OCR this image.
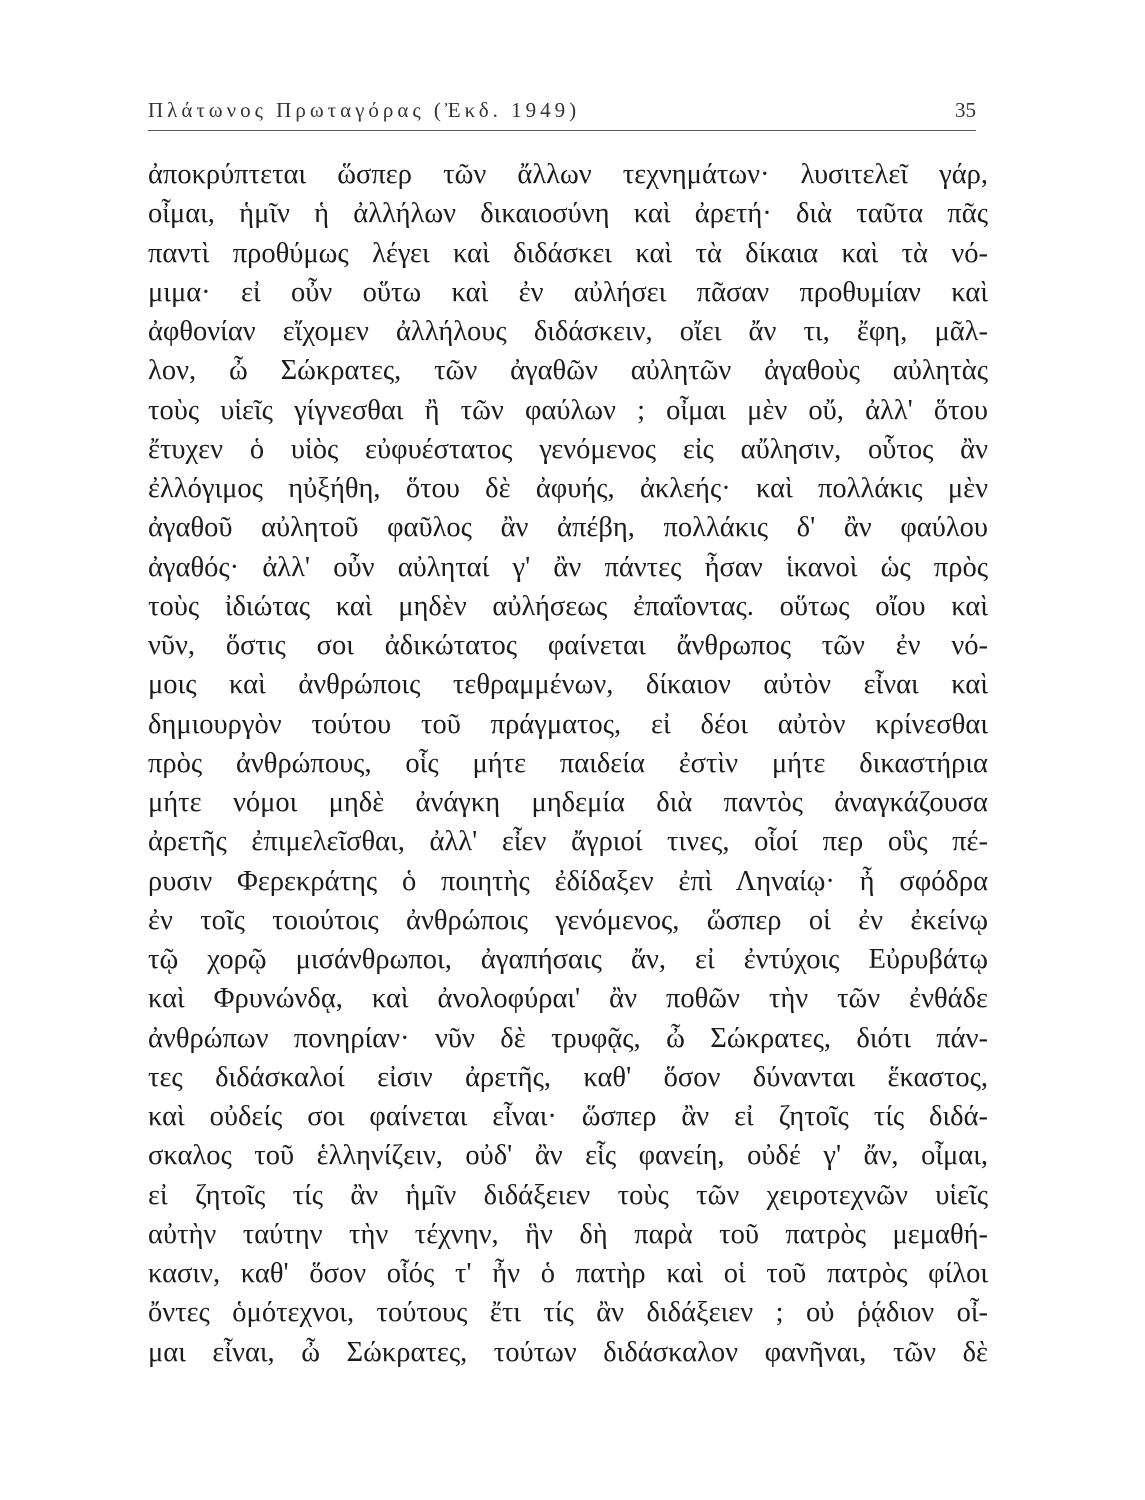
Πλάτωνος Πρωταγόρας (Ἐκδ. 1949)	35
ἀποκρύπτεται ὥσπερ τῶν ἄλλων τεχνημάτων· λυσιτελεῖ γάρ,
οἶμαι, ἡμῖν ἡ ἀλλήλων δικαιοσύνη καὶ ἀρετή· διὰ ταῦτα πᾶς
παντὶ προθύμως λέγει καὶ διδάσκει καὶ τὰ δίκαια καὶ τὰ νό-
μιμα· εἰ οὖν οὕτω καὶ ἐν αὐλήσει πᾶσαν προθυμίαν καὶ
ἀφθονίαν εἴχομεν ἀλλήλους διδάσκειν, οἴει ἄν τι, ἔφη, μᾶλ-
λον, ὦ Σώκρατες, τῶν ἀγαθῶν αὐλητῶν ἀγαθοὺς αὐλητὰς
τοὺς υἱεῖς γίγνεσθαι ἢ τῶν φαύλων ; οἶμαι μὲν οὔ, ἀλλ' ὅτου
ἔτυχεν ὁ υἱὸς εὐφυέστατος γενόμενος εἰς αὔλησιν, οὗτος ἂν
ἐλλόγιμος ηὐξήθη, ὅτου δὲ ἀφυής, ἀκλεής· καὶ πολλάκις μὲν
ἀγαθοῦ αὐλητοῦ φαῦλος ἂν ἀπέβη, πολλάκις δ' ἂν φαύλου
ἀγαθός· ἀλλ' οὖν αὐληταί γ' ἂν πάντες ἦσαν ἱκανοὶ ὡς πρὸς
τοὺς ἰδιώτας καὶ μηδὲν αὐλήσεως ἐπαΐοντας. οὕτως οἴου καὶ
νῦν, ὅστις σοι ἀδικώτατος φαίνεται ἄνθρωπος τῶν ἐν νό-
μοις καὶ ἀνθρώποις τεθραμμένων, δίκαιον αὐτὸν εἶναι καὶ
δημιουργὸν τούτου τοῦ πράγματος, εἰ δέοι αὐτὸν κρίνεσθαι
πρὸς ἀνθρώπους, οἷς μήτε παιδεία ἐστὶν μήτε δικαστήρια
μήτε νόμοι μηδὲ ἀνάγκη μηδεμία διὰ παντὸς ἀναγκάζουσα
ἀρετῆς ἐπιμελεῖσθαι, ἀλλ' εἶεν ἄγριοί τινες, οἷοί περ οὓς πέ-
ρυσιν Φερεκράτης ὁ ποιητὴς ἐδίδαξεν ἐπὶ Ληναίῳ· ἦ σφόδρα
ἐν τοῖς τοιούτοις ἀνθρώποις γενόμενος, ὥσπερ οἱ ἐν ἐκείνῳ
τῷ χορῷ μισάνθρωποι, ἀγαπήσαις ἄν, εἰ ἐντύχοις Εὐρυβάτῳ
καὶ Φρυνώνδᾳ, καὶ ἀνολοφύραι' ἂν ποθῶν τὴν τῶν ἐνθάδε
ἀνθρώπων πονηρίαν· νῦν δὲ τρυφᾷς, ὦ Σώκρατες, διότι πάν-
τες διδάσκαλοί εἰσιν ἀρετῆς, καθ' ὅσον δύνανται ἕκαστος,
καὶ οὐδείς σοι φαίνεται εἶναι· ὥσπερ ἂν εἰ ζητοῖς τίς διδά-
σκαλος τοῦ ἑλληνίζειν, οὐδ' ἂν εἷς φανείη, οὐδέ γ' ἄν, οἶμαι,
εἰ ζητοῖς τίς ἂν ἡμῖν διδάξειεν τοὺς τῶν χειροτεχνῶν υἱεῖς
αὐτὴν ταύτην τὴν τέχνην, ἣν δὴ παρὰ τοῦ πατρὸς μεμαθή-
κασιν, καθ' ὅσον οἷός τ' ἦν ὁ πατὴρ καὶ οἱ τοῦ πατρὸς φίλοι
ὄντες ὁμότεχνοι, τούτους ἔτι τίς ἂν διδάξειεν ; οὐ ῥᾴδιον οἶ-
μαι εἶναι, ὦ Σώκρατες, τούτων διδάσκαλον φανῆναι, τῶν δὲ
